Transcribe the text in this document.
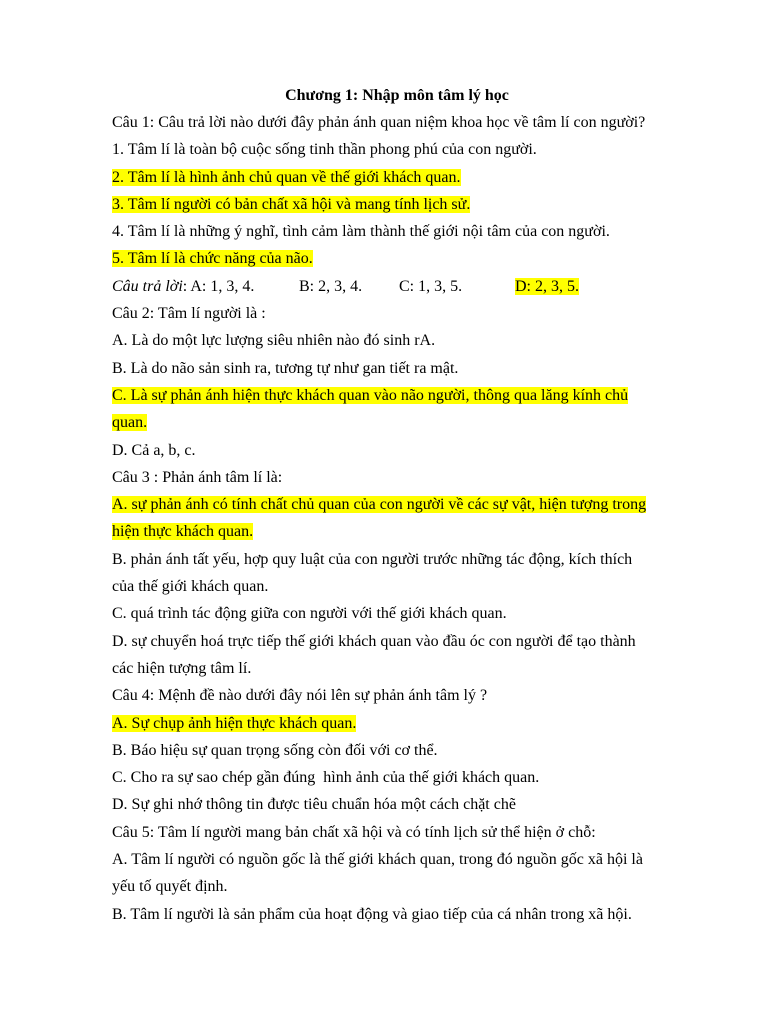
Chương 1: Nhập môn tâm lý học
Câu 1: Câu trả lời nào dưới đây phản ánh quan niệm khoa học về tâm lí con người?
1. Tâm lí là toàn bộ cuộc sống tinh thần phong phú của con người.
2. Tâm lí là hình ảnh chủ quan về thế giới khách quan.
3. Tâm lí người có bản chất xã hội và mang tính lịch sử.
4. Tâm lí là những ý nghĩ, tình cảm làm thành thế giới nội tâm của con người.
5. Tâm lí là chức năng của não.
Câu trả lời: A: 1, 3, 4.	B: 2, 3, 4.	C: 1, 3, 5.	D: 2, 3, 5.
Câu 2: Tâm lí người là :
A. Là do một lực lượng siêu nhiên nào đó sinh rA.
B. Là do não sản sinh ra, tương tự như gan tiết ra mật.
C. Là sự phản ánh hiện thực khách quan vào não người, thông qua lăng kính chủ
quan.
D. Cả a, b, c.
Câu 3 : Phản ánh tâm lí là:
A. sự phản ánh có tính chất chủ quan của con người về các sự vật, hiện tượng trong
hiện thực khách quan.
B. phản ánh tất yếu, hợp quy luật của con người trước những tác động, kích thích
của thế giới khách quan.
C. quá trình tác động giữa con người với thế giới khách quan.
D. sự chuyển hoá trực tiếp thế giới khách quan vào đầu óc con người để tạo thành
các hiện tượng tâm lí.
Câu 4: Mệnh đề nào dưới đây nói lên sự phản ánh tâm lý ?
A. Sự chụp ảnh hiện thực khách quan.
B. Báo hiệu sự quan trọng sống còn đối với cơ thể.
C. Cho ra sự sao chép gần đúng  hình ảnh của thế giới khách quan.
D. Sự ghi nhớ thông tin được tiêu chuẩn hóa một cách chặt chẽ
Câu 5: Tâm lí người mang bản chất xã hội và có tính lịch sử thể hiện ở chỗ:
A. Tâm lí người có nguồn gốc là thế giới khách quan, trong đó nguồn gốc xã hội là
yếu tố quyết định.
B. Tâm lí người là sản phẩm của hoạt động và giao tiếp của cá nhân trong xã hội.
